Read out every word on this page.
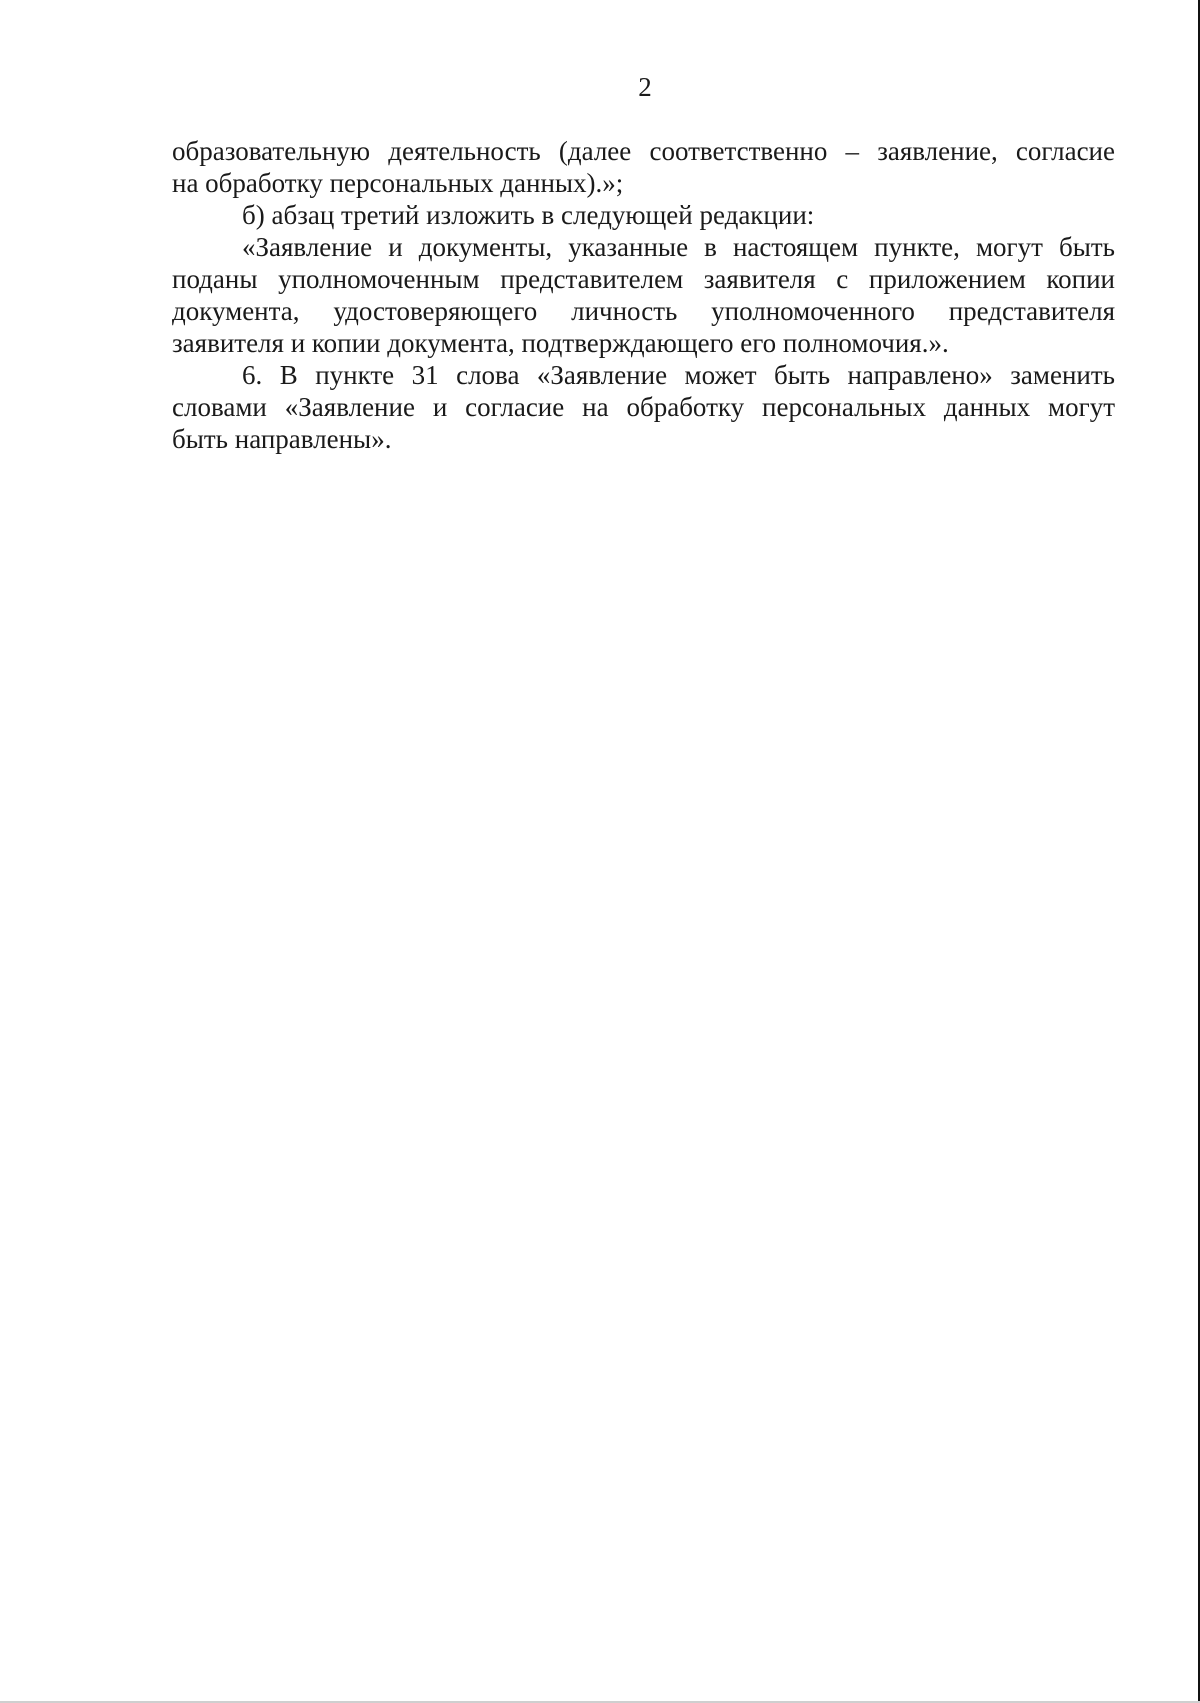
2
образовательную деятельность (далее соответственно – заявление, согласие
на обработку персональных данных).»;
б) абзац третий изложить в следующей редакции:
«Заявление и документы, указанные в настоящем пункте, могут быть
поданы уполномоченным представителем заявителя с приложением копии
документа, удостоверяющего личность уполномоченного представителя
заявителя и копии документа, подтверждающего его полномочия.».
6. В пункте 31 слова «Заявление может быть направлено» заменить
словами «Заявление и согласие на обработку персональных данных могут
быть направлены».
